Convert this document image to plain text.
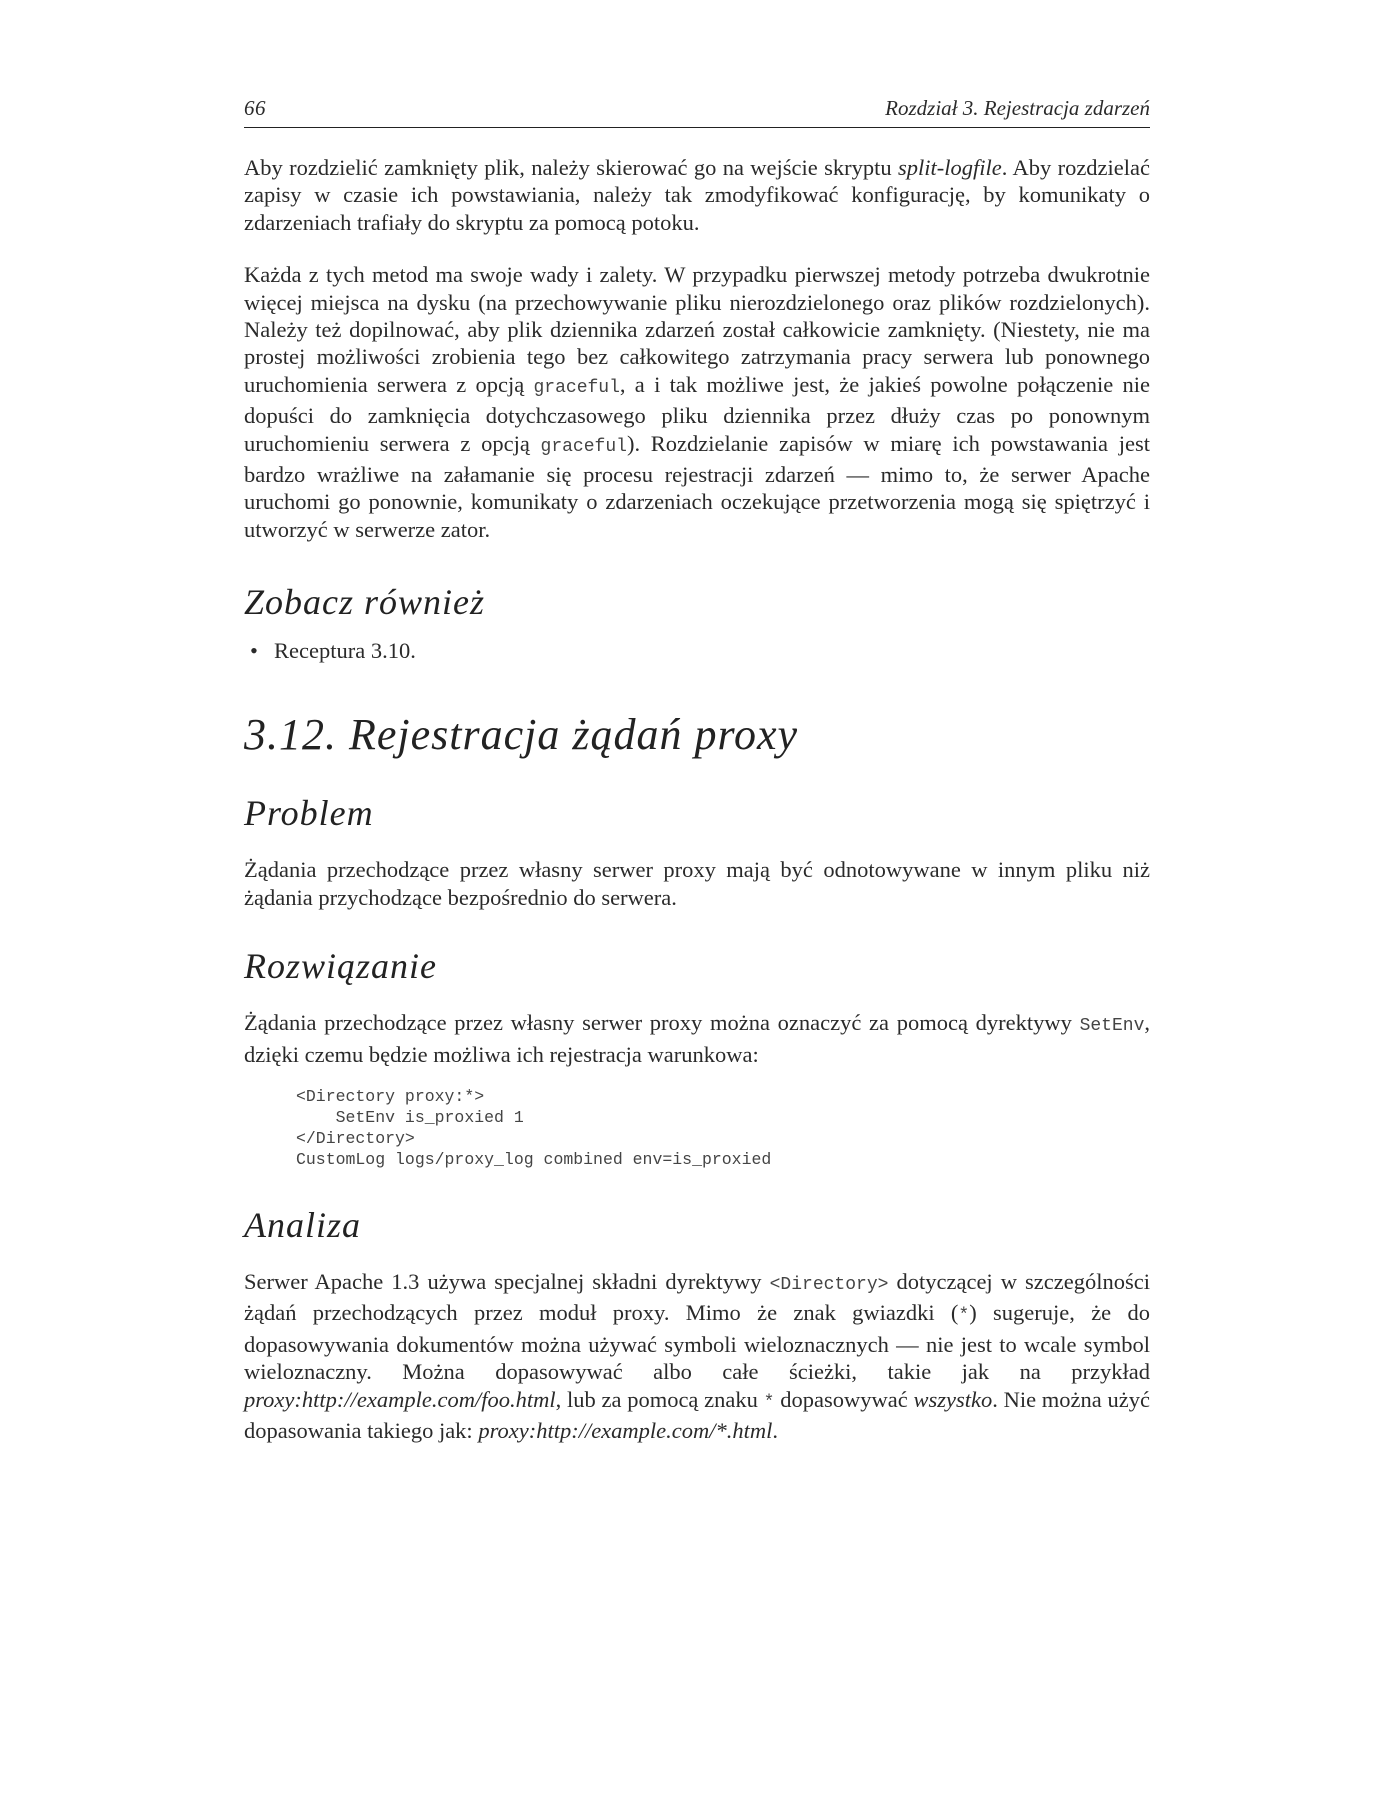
66	Rozdział 3. Rejestracja zdarzeń

Aby rozdzielić zamknięty plik, należy skierować go na wejście skryptu split-logfile. Aby rozdzielać zapisy w czasie ich powstawiania, należy tak zmodyfikować konfigurację, by komunikaty o zdarzeniach trafiały do skryptu za pomocą potoku.

Każda z tych metod ma swoje wady i zalety. W przypadku pierwszej metody potrzeba dwukrotnie więcej miejsca na dysku (na przechowywanie pliku nierozdzielonego oraz plików rozdzielonych). Należy też dopilnować, aby plik dziennika zdarzeń został całkowicie zamknięty. (Niestety, nie ma prostej możliwości zrobienia tego bez całkowitego zatrzymania pracy serwera lub ponownego uruchomienia serwera z opcją graceful, a i tak możliwe jest, że jakieś powolne połączenie nie dopuści do zamknięcia dotychczasowego pliku dziennika przez dłuży czas po ponownym uruchomieniu serwera z opcją graceful). Rozdzielanie zapisów w miarę ich powstawania jest bardzo wrażliwe na załamanie się procesu rejestracji zdarzeń — mimo to, że serwer Apache uruchomi go ponownie, komunikaty o zdarzeniach oczekujące przetworzenia mogą się spiętrzyć i utworzyć w serwerze zator.

Zobacz również
• Receptura 3.10.
3.12. Rejestracja żądań proxy
Problem

Żądania przechodzące przez własny serwer proxy mają być odnotowywane w innym pliku niż żądania przychodzące bezpośrednio do serwera.

Rozwiązanie

Żądania przechodzące przez własny serwer proxy można oznaczyć za pomocą dyrektywy SetEnv, dzięki czemu będzie możliwa ich rejestracja warunkowa:

<Directory proxy:*>
SetEnv is_proxied 1
</Directory>
CustomLog logs/proxy_log combined env=is_proxied
Analiza

Serwer Apache 1.3 używa specjalnej składni dyrektywy <Directory> dotyczącej w szczególności żądań przechodzących przez moduł proxy. Mimo że znak gwiazdki (*) sugeruje, że do dopasowywania dokumentów można używać symboli wieloznacznych — nie jest to wcale symbol wieloznaczny. Można dopasowywać albo całe ścieżki, takie jak na przykład proxy:http://example.com/foo.html, lub za pomocą znaku * dopasowywać wszystko. Nie można użyć dopasowania takiego jak: proxy:http://example.com/*.html.
